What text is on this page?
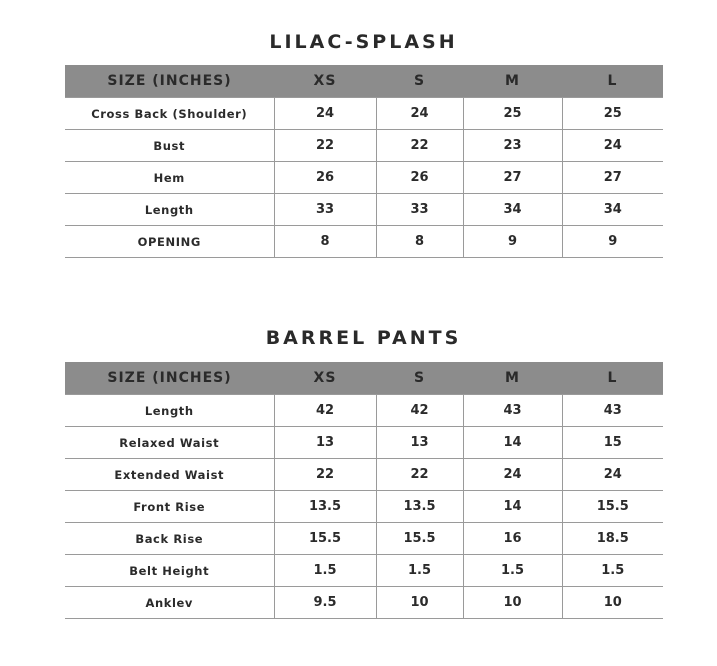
LILAC-SPLASH
SIZE (INCHES)	XS	S	M	L
Cross Back (Shoulder)	24	24	25	25
Bust	22	22	23	24
Hem	26	26	27	27
Length	33	33	34	34
OPENING	8	8	9	9
BARREL PANTS
SIZE (INCHES)	XS	S	M	L
Length	42	42	43	43
Relaxed Waist	13	13	14	15
Extended Waist	22	22	24	24
Front Rise	13.5	13.5	14	15.5
Back Rise	15.5	15.5	16	18.5
Belt Height	1.5	1.5	1.5	1.5
Anklev	9.5	10	10	10
